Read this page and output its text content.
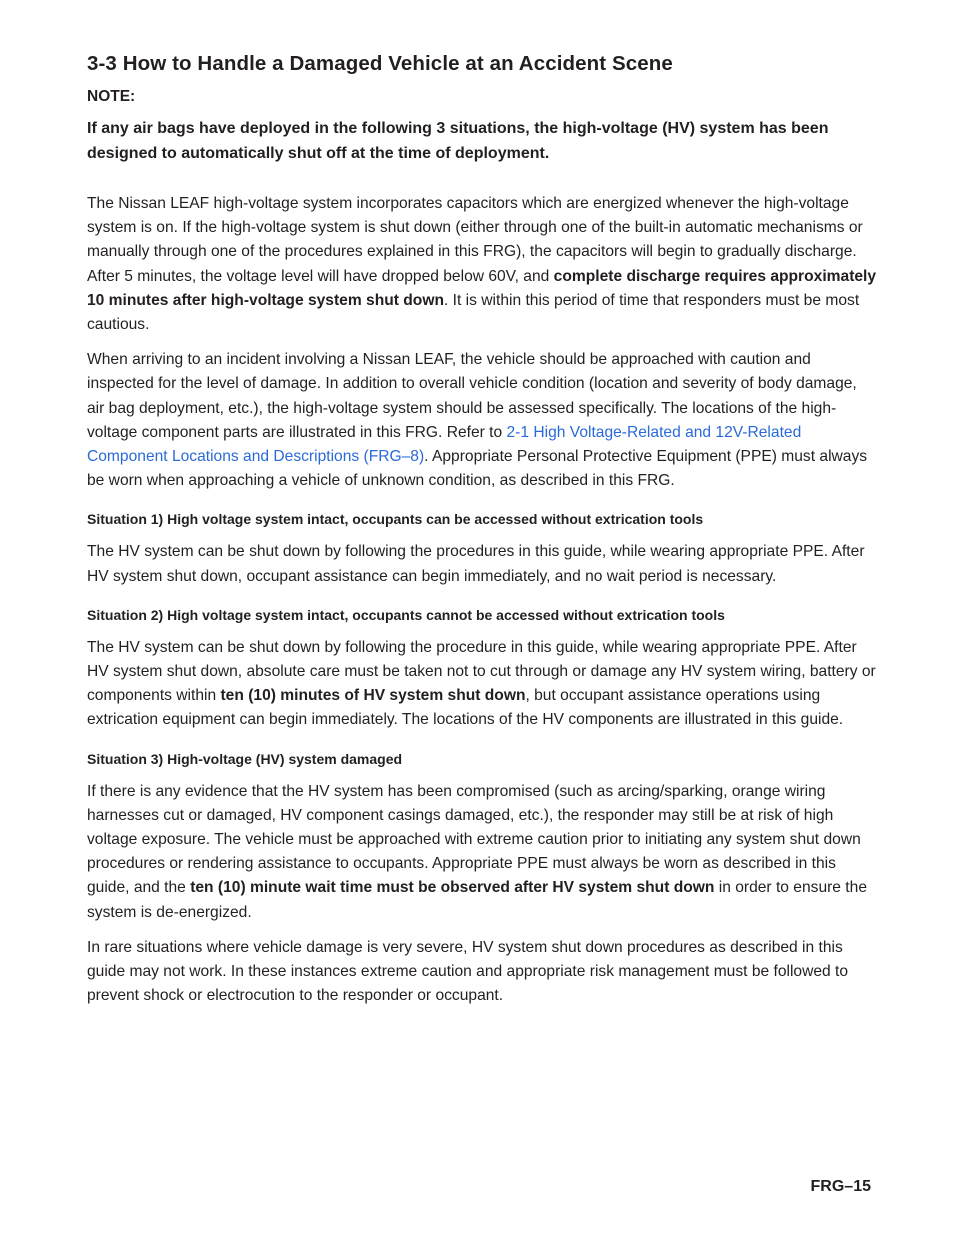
3-3 How to Handle a Damaged Vehicle at an Accident Scene
NOTE:
If any air bags have deployed in the following 3 situations, the high-voltage (HV) system has been designed to automatically shut off at the time of deployment.

The Nissan LEAF high-voltage system incorporates capacitors which are energized whenever the high-voltage system is on. If the high-voltage system is shut down (either through one of the built-in automatic mechanisms or manually through one of the procedures explained in this FRG), the capacitors will begin to gradually discharge. After 5 minutes, the voltage level will have dropped below 60V, and complete discharge requires approximately 10 minutes after high-voltage system shut down. It is within this period of time that responders must be most cautious.

When arriving to an incident involving a Nissan LEAF, the vehicle should be approached with caution and inspected for the level of damage. In addition to overall vehicle condition (location and severity of body damage, air bag deployment, etc.), the high-voltage system should be assessed specifically. The locations of the high-voltage component parts are illustrated in this FRG. Refer to 2-1 High Voltage-Related and 12V-Related Component Locations and Descriptions (FRG–8). Appropriate Personal Protective Equipment (PPE) must always be worn when approaching a vehicle of unknown condition, as described in this FRG.

Situation 1) High voltage system intact, occupants can be accessed without extrication tools

The HV system can be shut down by following the procedures in this guide, while wearing appropriate PPE. After HV system shut down, occupant assistance can begin immediately, and no wait period is necessary.

Situation 2) High voltage system intact, occupants cannot be accessed without extrication tools

The HV system can be shut down by following the procedure in this guide, while wearing appropriate PPE. After HV system shut down, absolute care must be taken not to cut through or damage any HV system wiring, battery or components within ten (10) minutes of HV system shut down, but occupant assistance operations using extrication equipment can begin immediately. The locations of the HV components are illustrated in this guide.

Situation 3) High-voltage (HV) system damaged

If there is any evidence that the HV system has been compromised (such as arcing/sparking, orange wiring harnesses cut or damaged, HV component casings damaged, etc.), the responder may still be at risk of high voltage exposure. The vehicle must be approached with extreme caution prior to initiating any system shut down procedures or rendering assistance to occupants. Appropriate PPE must always be worn as described in this guide, and the ten (10) minute wait time must be observed after HV system shut down in order to ensure the system is de-energized.

In rare situations where vehicle damage is very severe, HV system shut down procedures as described in this guide may not work. In these instances extreme caution and appropriate risk management must be followed to prevent shock or electrocution to the responder or occupant.

FRG–15
